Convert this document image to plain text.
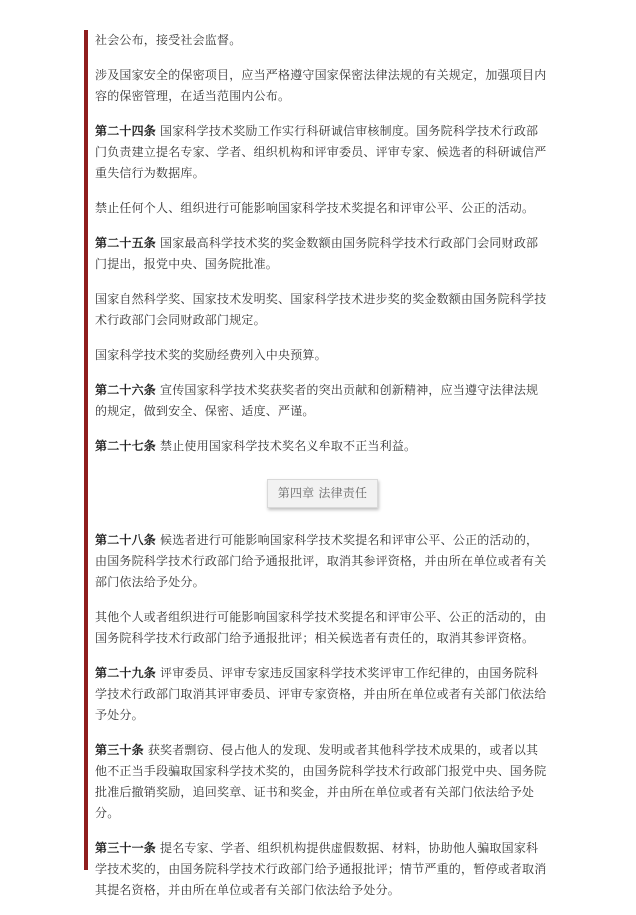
社会公布，接受社会监督。

涉及国家安全的保密项目，应当严格遵守国家保密法律法规的有关规定，加强项目内容的保密管理，在适当范围内公布。

第二十四条 国家科学技术奖励工作实行科研诚信审核制度。国务院科学技术行政部门负责建立提名专家、学者、组织机构和评审委员、评审专家、候选者的科研诚信严重失信行为数据库。

禁止任何个人、组织进行可能影响国家科学技术奖提名和评审公平、公正的活动。

第二十五条 国家最高科学技术奖的奖金数额由国务院科学技术行政部门会同财政部门提出，报党中央、国务院批准。

国家自然科学奖、国家技术发明奖、国家科学技术进步奖的奖金数额由国务院科学技术行政部门会同财政部门规定。

国家科学技术奖的奖励经费列入中央预算。

第二十六条 宣传国家科学技术奖获奖者的突出贡献和创新精神，应当遵守法律法规的规定，做到安全、保密、适度、严谨。

第二十七条 禁止使用国家科学技术奖名义牟取不正当利益。

第四章 法律责任

第二十八条 候选者进行可能影响国家科学技术奖提名和评审公平、公正的活动的，由国务院科学技术行政部门给予通报批评，取消其参评资格，并由所在单位或者有关部门依法给予处分。

其他个人或者组织进行可能影响国家科学技术奖提名和评审公平、公正的活动的，由国务院科学技术行政部门给予通报批评；相关候选者有责任的，取消其参评资格。

第二十九条 评审委员、评审专家违反国家科学技术奖评审工作纪律的，由国务院科学技术行政部门取消其评审委员、评审专家资格，并由所在单位或者有关部门依法给予处分。

第三十条 获奖者剽窃、侵占他人的发现、发明或者其他科学技术成果的，或者以其他不正当手段骗取国家科学技术奖的，由国务院科学技术行政部门报党中央、国务院批准后撤销奖励，追回奖章、证书和奖金，并由所在单位或者有关部门依法给予处分。

第三十一条 提名专家、学者、组织机构提供虚假数据、材料，协助他人骗取国家科学技术奖的，由国务院科学技术行政部门给予通报批评；情节严重的，暂停或者取消其提名资格，并由所在单位或者有关部门依法给予处分。
